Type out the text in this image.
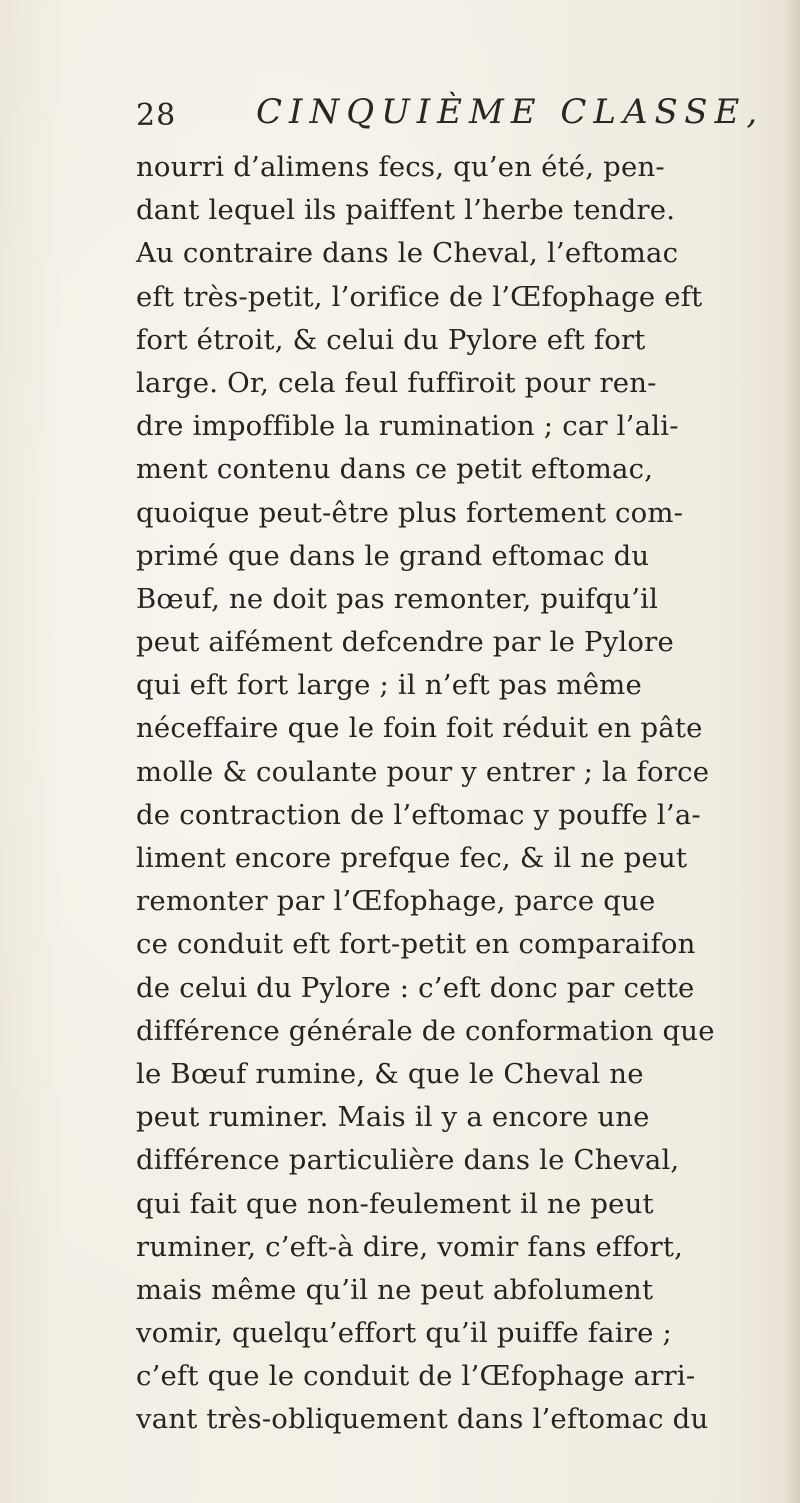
28 CINQUIÈME CLASSE,
nourri d’alimens fecs, qu’en été, pen-
dant lequel ils paiffent l’herbe tendre.
Au contraire dans le Cheval, l’eftomac
eft très-petit, l’orifice de l’Œfophage eft
fort étroit, & celui du Pylore eft fort
large. Or, cela feul fuffiroit pour ren-
dre impoffible la rumination ; car l’ali-
ment contenu dans ce petit eftomac,
quoique peut-être plus fortement com-
primé que dans le grand eftomac du
Bœuf, ne doit pas remonter, puifqu’il
peut aifément defcendre par le Pylore
qui eft fort large ; il n’eft pas même
néceffaire que le foin foit réduit en pâte
molle & coulante pour y entrer ; la force
de contraction de l’eftomac y pouffe l’a-
liment encore prefque fec, & il ne peut
remonter par l’Œfophage, parce que
ce conduit eft fort-petit en comparaifon
de celui du Pylore : c’eft donc par cette
différence générale de conformation que
le Bœuf rumine, & que le Cheval ne
peut ruminer. Mais il y a encore une
différence particulière dans le Cheval,
qui fait que non-feulement il ne peut
ruminer, c’eft-à dire, vomir fans effort,
mais même qu’il ne peut abfolument
vomir, quelqu’effort qu’il puiffe faire ;
c’eft que le conduit de l’Œfophage arri-
vant très-obliquement dans l’eftomac du
